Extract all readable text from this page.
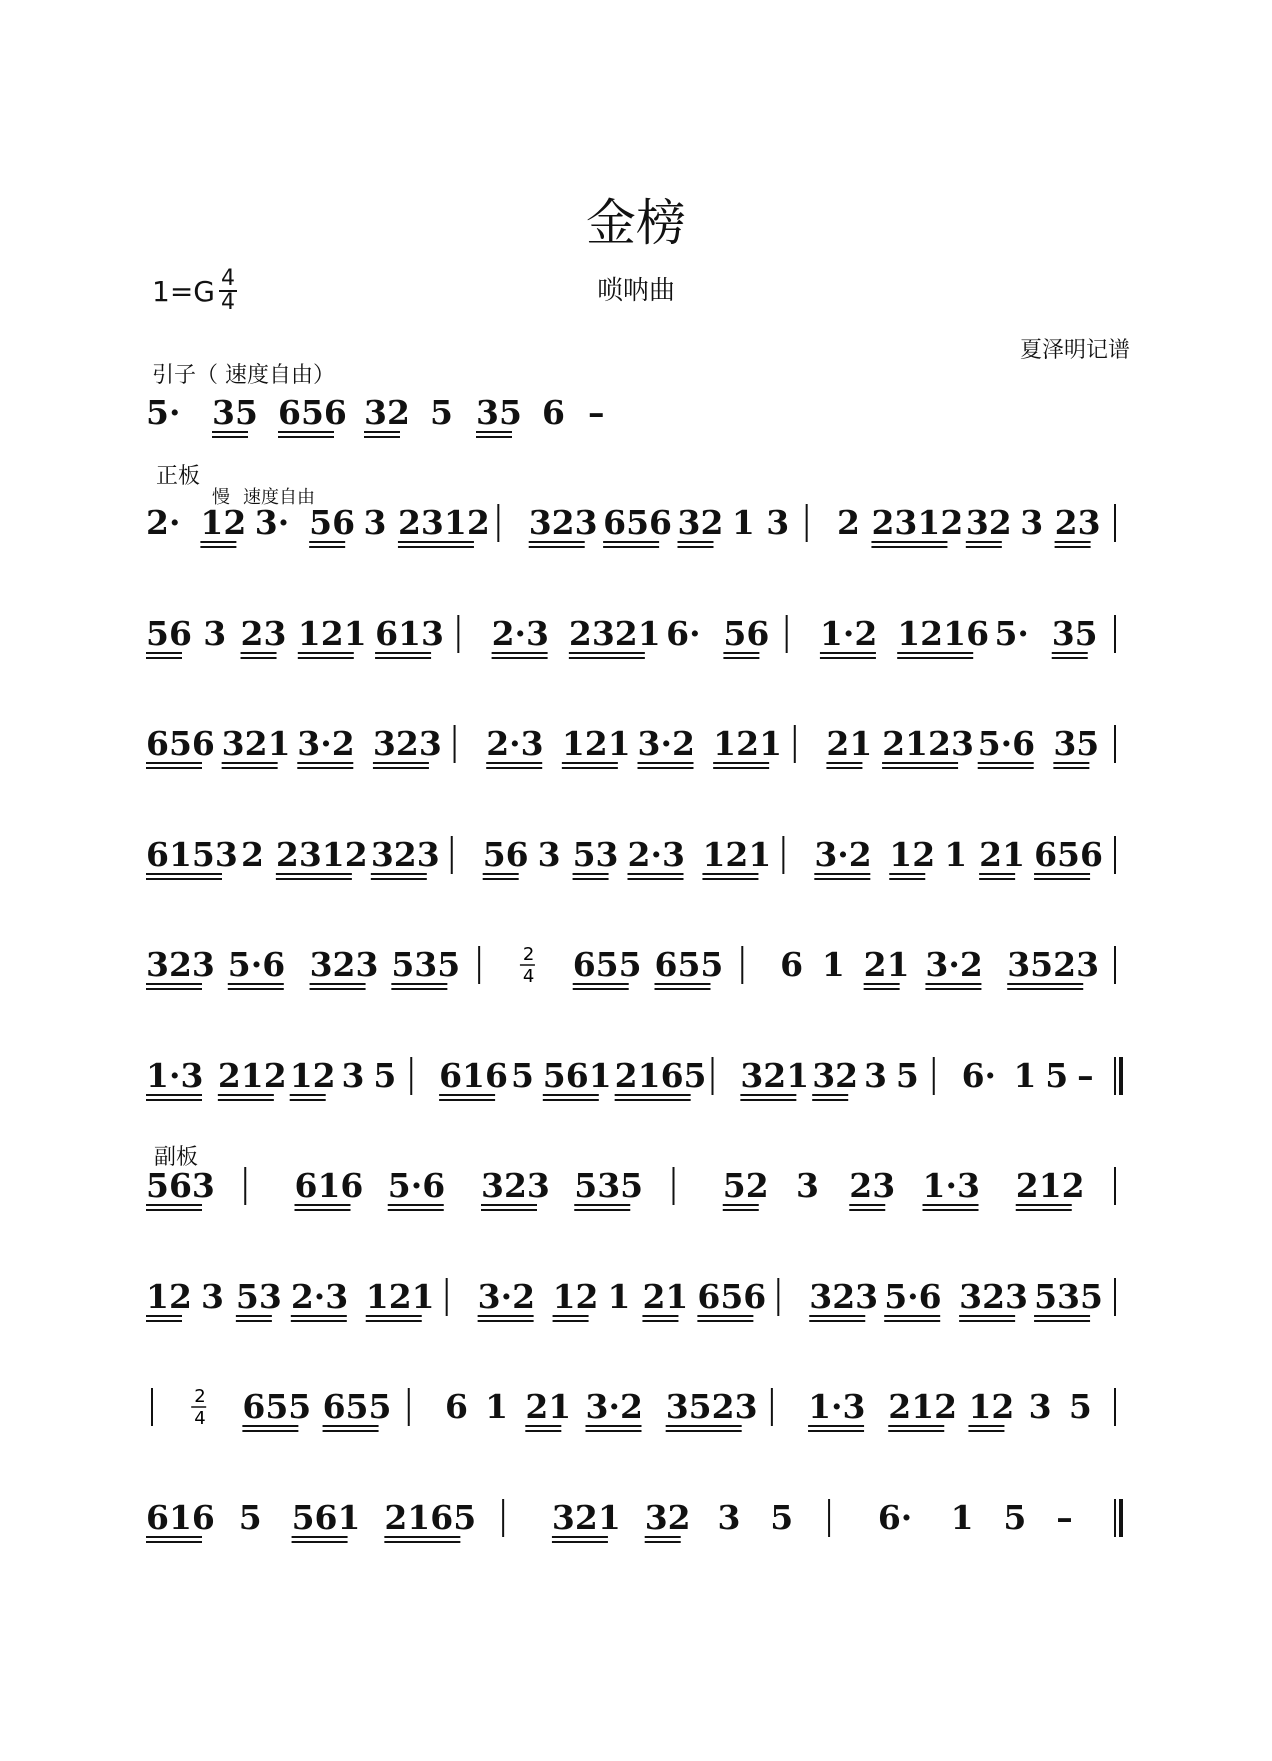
金榜
$1=G \frac{4}{4}$	唢呐曲
夏泽明记谱
引子（ 速度自由）
正板
慢 速度自由
副板
5· 35 656 32 5 35 6 –
2· 12 3· 56 3 2312 323 656 32 1 3 2 2312 32 3 23
56 3 23 121 613 2·3 2321 6· 56 1·2 1216 5· 35
656 321 3·2 323 2·3 121 3·2 121 21 2123 5·6 35
6153 2 2312 323 56 3 53 2·3 121 3·2 12 1 21 656
323 5·6 323 535	2
4 655 655 6 1 21 3·2 3523
1·3 212 12 3 5 616 5 561 2165 321 32 3 5 6· 1 5 –
563 616 5·6 323 535 52 3 23 1·3 212
12 3 53 2·3 121 3·2 12 1 21 656 323 5·6 323 535
2
4 655 655 6 1 21 3·2 3523 1·3 212 12 3 5
616 5 561 2165 321 32 3 5	6· 1 5 –
